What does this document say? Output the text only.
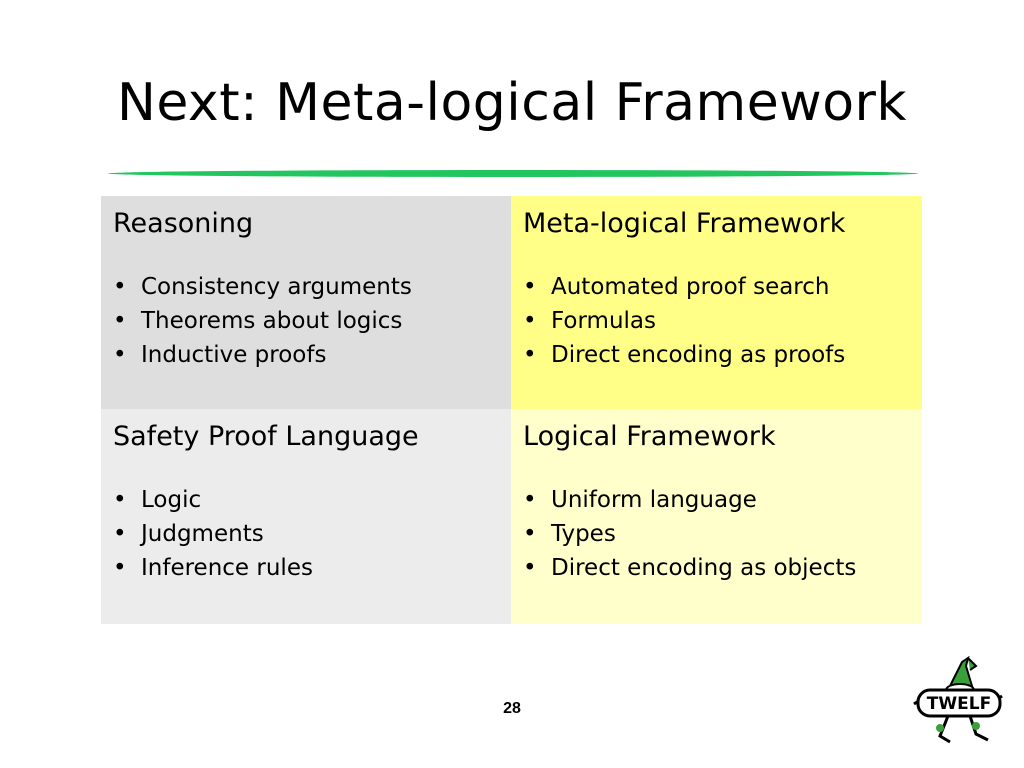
Next: Meta-logical Framework
Reasoning
• Consistency arguments
• Theorems about logics
• Inductive proofs
Meta-logical Framework
• Automated proof search
• Formulas
• Direct encoding as proofs
Safety Proof Language
• Logic
• Judgments
• Inference rules
Logical Framework
• Uniform language
• Types
• Direct encoding as objects
28	TWELF
